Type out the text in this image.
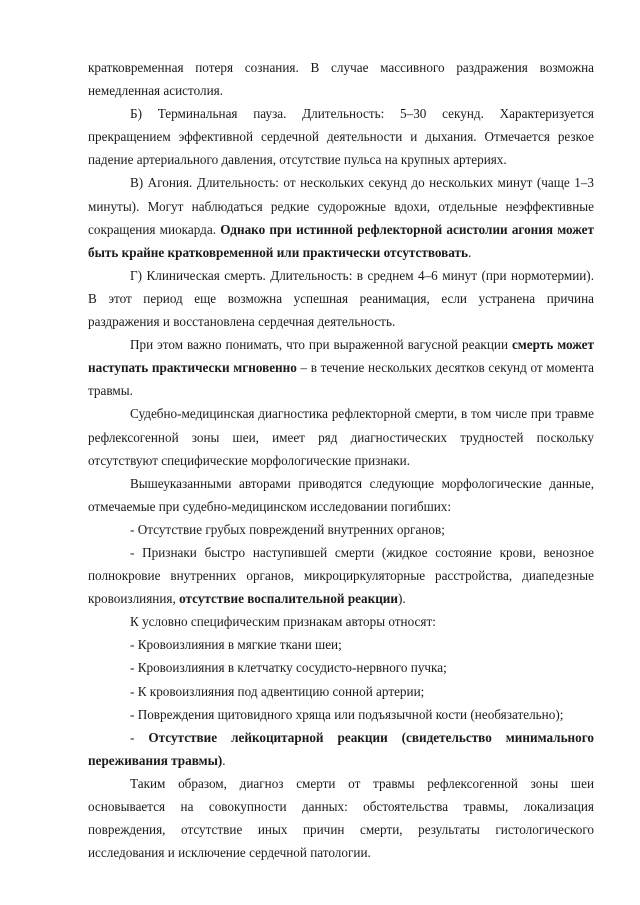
кратковременная потеря сознания. В случае массивного раздражения возможна немедленная асистолия.

Б) Терминальная пауза. Длительность: 5–30 секунд. Характеризуется прекращением эффективной сердечной деятельности и дыхания. Отмечается резкое падение артериального давления, отсутствие пульса на крупных артериях.

В) Агония. Длительность: от нескольких секунд до нескольких минут (чаще 1–3 минуты). Могут наблюдаться редкие судорожные вдохи, отдельные неэффективные сокращения миокарда. Однако при истинной рефлекторной асистолии агония может быть крайне кратковременной или практически отсутствовать.

Г) Клиническая смерть. Длительность: в среднем 4–6 минут (при нормотермии). В этот период еще возможна успешная реанимация, если устранена причина раздражения и восстановлена сердечная деятельность.

При этом важно понимать, что при выраженной вагусной реакции смерть может наступать практически мгновенно – в течение нескольких десятков секунд от момента травмы.

Судебно-медицинская диагностика рефлекторной смерти, в том числе при травме рефлексогенной зоны шеи, имеет ряд диагностических трудностей поскольку отсутствуют специфические морфологические признаки.

Вышеуказанными авторами приводятся следующие морфологические данные, отмечаемые при судебно-медицинском исследовании погибших:

- Отсутствие грубых повреждений внутренних органов;

- Признаки быстро наступившей смерти (жидкое состояние крови, венозное полнокровие внутренних органов, микроциркуляторные расстройства, диапедезные кровоизлияния, отсутствие воспалительной реакции).

К условно специфическим признакам авторы относят:

- Кровоизлияния в мягкие ткани шеи;

- Кровоизлияния в клетчатку сосудисто-нервного пучка;

- К кровоизлияния под адвентицию сонной артерии;

- Повреждения щитовидного хряща или подъязычной кости (необязательно);

- Отсутствие лейкоцитарной реакции (свидетельство минимального переживания травмы).

Таким образом, диагноз смерти от травмы рефлексогенной зоны шеи основывается на совокупности данных: обстоятельства травмы, локализация повреждения, отсутствие иных причин смерти, результаты гистологического исследования и исключение сердечной патологии.
